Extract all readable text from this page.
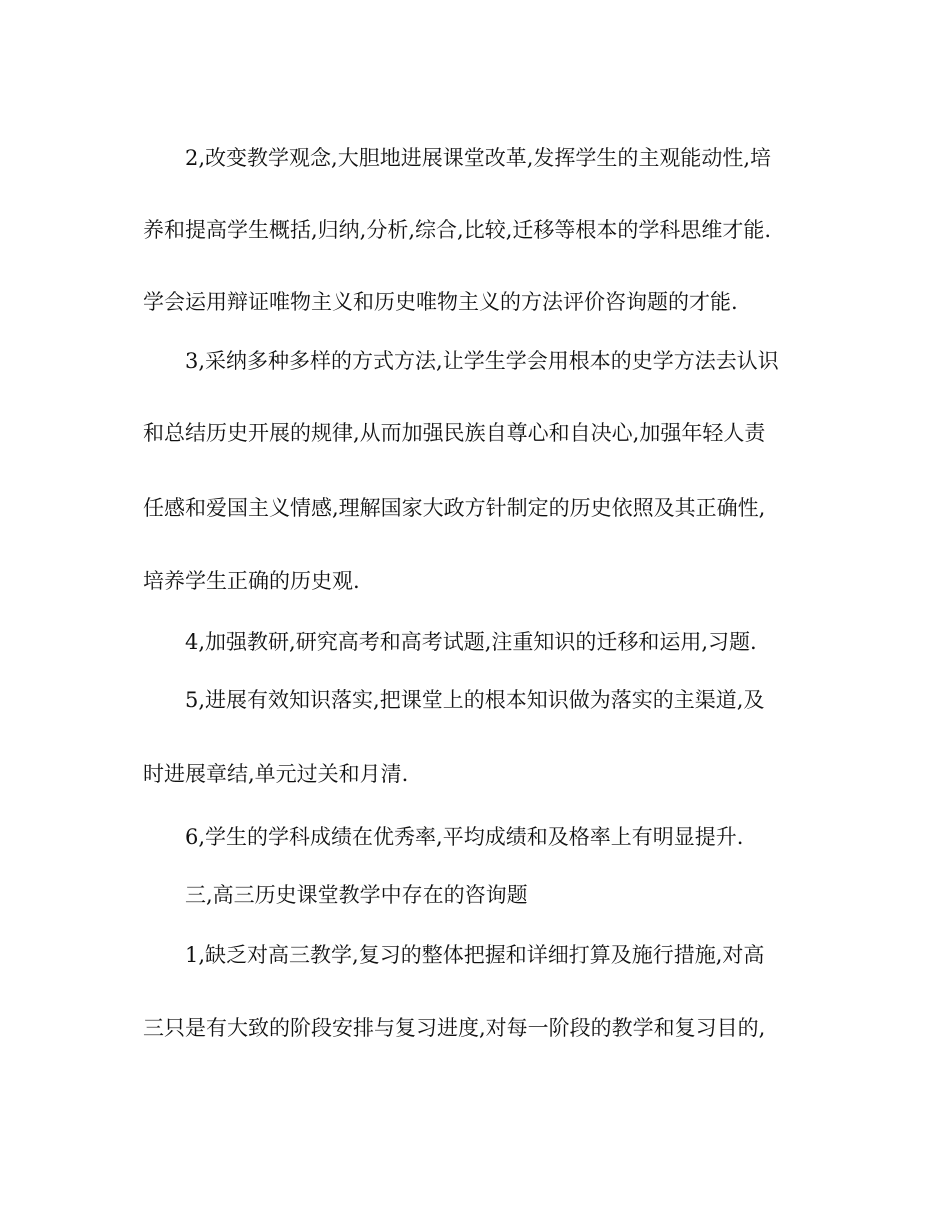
2,改变教学观念,大胆地进展课堂改革,发挥学生的主观能动性,培
养和提高学生概括,归纳,分析,综合,比较,迁移等根本的学科思维才能.
学会运用辩证唯物主义和历史唯物主义的方法评价咨询题的才能.
3,采纳多种多样的方式方法,让学生学会用根本的史学方法去认识
和总结历史开展的规律,从而加强民族自尊心和自决心,加强年轻人责
任感和爱国主义情感,理解国家大政方针制定的历史依照及其正确性,
培养学生正确的历史观.
4,加强教研,研究高考和高考试题,注重知识的迁移和运用,习题.
5,进展有效知识落实,把课堂上的根本知识做为落实的主渠道,及
时进展章结,单元过关和月清.
6,学生的学科成绩在优秀率,平均成绩和及格率上有明显提升.
三,高三历史课堂教学中存在的咨询题
1,缺乏对高三教学,复习的整体把握和详细打算及施行措施,对高
三只是有大致的阶段安排与复习进度,对每一阶段的教学和复习目的,
